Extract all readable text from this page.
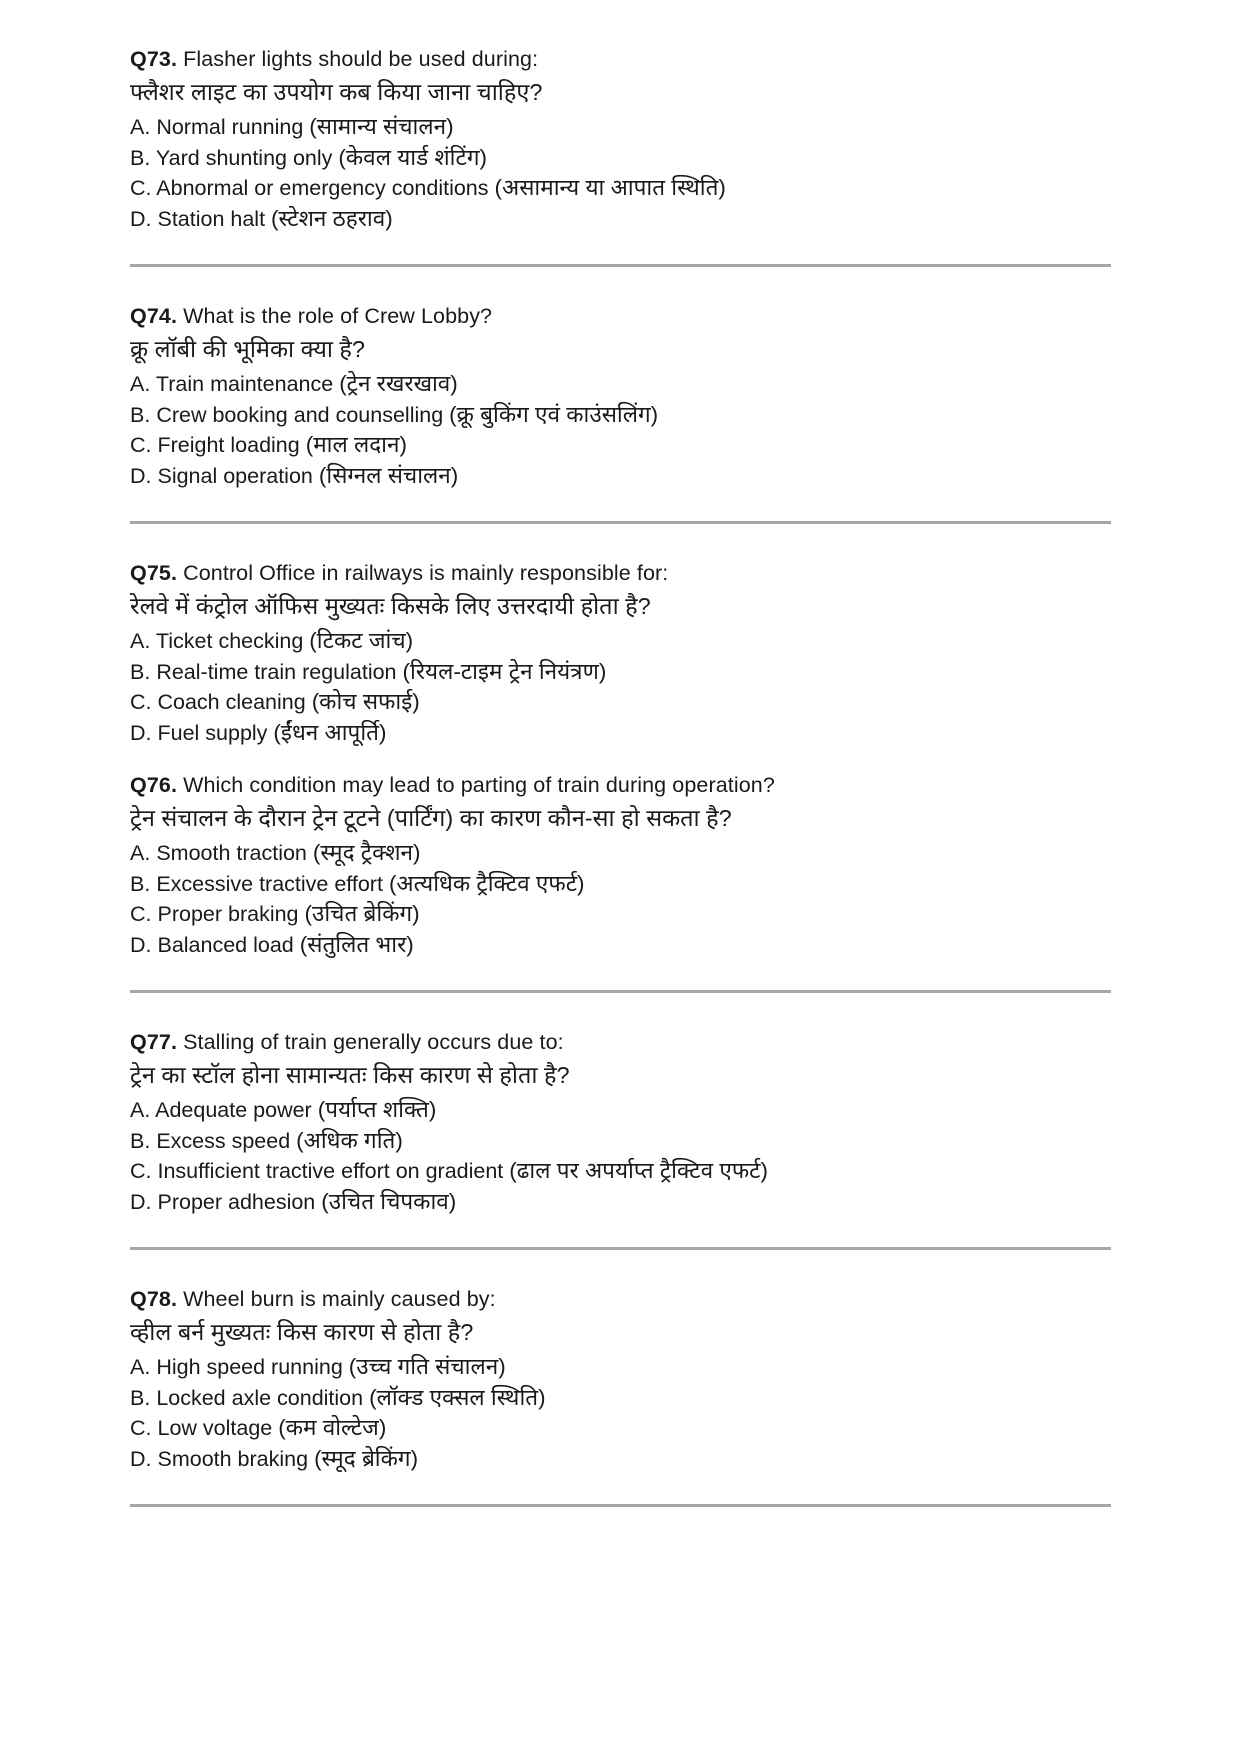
Q73. Flasher lights should be used during:
फ्लैशर लाइट का उपयोग कब किया जाना चाहिए?
A. Normal running (सामान्य संचालन)
B. Yard shunting only (केवल यार्ड शंटिंग)
C. Abnormal or emergency conditions (असामान्य या आपात स्थिति)
D. Station halt (स्टेशन ठहराव)
Q74. What is the role of Crew Lobby?
क्रू लॉबी की भूमिका क्या है?
A. Train maintenance (ट्रेन रखरखाव)
B. Crew booking and counselling (क्रू बुकिंग एवं काउंसलिंग)
C. Freight loading (माल लदान)
D. Signal operation (सिग्नल संचालन)
Q75. Control Office in railways is mainly responsible for:
रेलवे में कंट्रोल ऑफिस मुख्यतः किसके लिए उत्तरदायी होता है?
A. Ticket checking (टिकट जांच)
B. Real-time train regulation (रियल-टाइम ट्रेन नियंत्रण)
C. Coach cleaning (कोच सफाई)
D. Fuel supply (ईंधन आपूर्ति)
Q76. Which condition may lead to parting of train during operation?
ट्रेन संचालन के दौरान ट्रेन टूटने (पार्टिंग) का कारण कौन-सा हो सकता है?
A. Smooth traction (स्मूद ट्रैक्शन)
B. Excessive tractive effort (अत्यधिक ट्रैक्टिव एफर्ट)
C. Proper braking (उचित ब्रेकिंग)
D. Balanced load (संतुलित भार)
Q77. Stalling of train generally occurs due to:
ट्रेन का स्टॉल होना सामान्यतः किस कारण से होता है?
A. Adequate power (पर्याप्त शक्ति)
B. Excess speed (अधिक गति)
C. Insufficient tractive effort on gradient (ढाल पर अपर्याप्त ट्रैक्टिव एफर्ट)
D. Proper adhesion (उचित चिपकाव)
Q78. Wheel burn is mainly caused by:
व्हील बर्न मुख्यतः किस कारण से होता है?
A. High speed running (उच्च गति संचालन)
B. Locked axle condition (लॉक्ड एक्सल स्थिति)
C. Low voltage (कम वोल्टेज)
D. Smooth braking (स्मूद ब्रेकिंग)
